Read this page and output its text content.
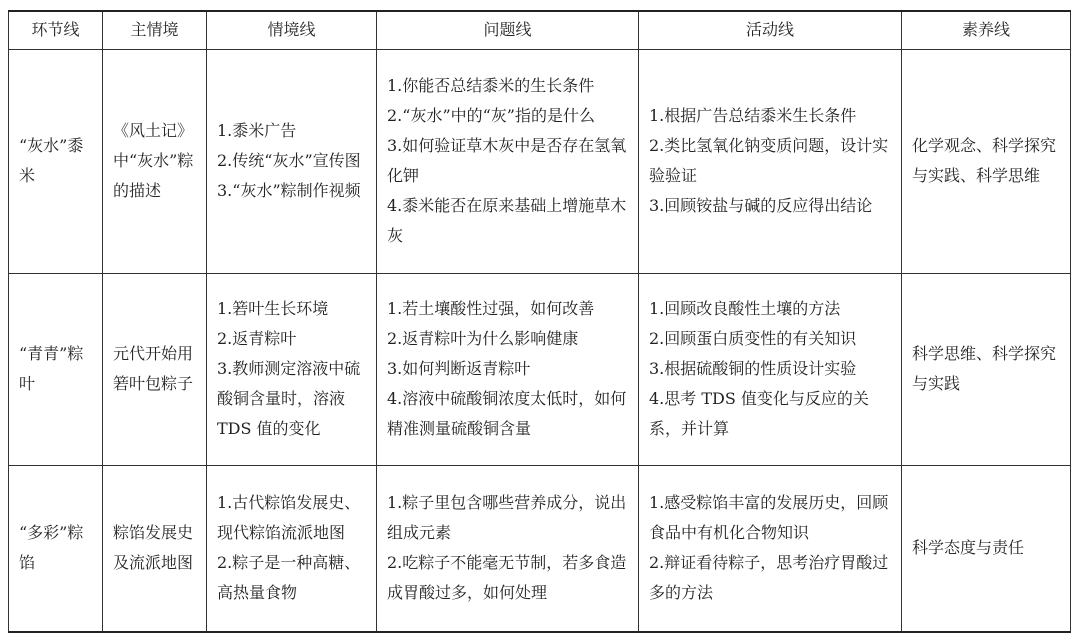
环节线	主情境	情境线	问题线	活动线	素养线
“灰水”黍米	《风土记》中“灰水”粽的描述	1.黍米广告
2.传统“灰水”宣传图
3.“灰水”粽制作视频	1.你能否总结黍米的生长条件
2.“灰水”中的“灰”指的是什么
3.如何验证草木灰中是否存在氢氧化钾
4.黍米能否在原来基础上增施草木灰	1.根据广告总结黍米生长条件
2.类比氢氧化钠变质问题，设计实验验证
3.回顾铵盐与碱的反应得出结论	化学观念、科学探究与实践、科学思维
“青青”粽叶	元代开始用箬叶包粽子	1.箬叶生长环境
2.返青粽叶
3.教师测定溶液中硫酸铜含量时，溶液 TDS 值的变化	1.若土壤酸性过强，如何改善
2.返青粽叶为什么影响健康
3.如何判断返青粽叶
4.溶液中硫酸铜浓度太低时，如何精准测量硫酸铜含量	1.回顾改良酸性土壤的方法
2.回顾蛋白质变性的有关知识
3.根据硫酸铜的性质设计实验
4.思考 TDS 值变化与反应的关系，并计算	科学思维、科学探究与实践
“多彩”粽馅	粽馅发展史及流派地图	1.古代粽馅发展史、现代粽馅流派地图
2.粽子是一种高糖、高热量食物	1.粽子里包含哪些营养成分，说出组成元素
2.吃粽子不能毫无节制，若多食造成胃酸过多，如何处理	1.感受粽馅丰富的发展历史，回顾食品中有机化合物知识
2.辩证看待粽子，思考治疗胃酸过多的方法	科学态度与责任
